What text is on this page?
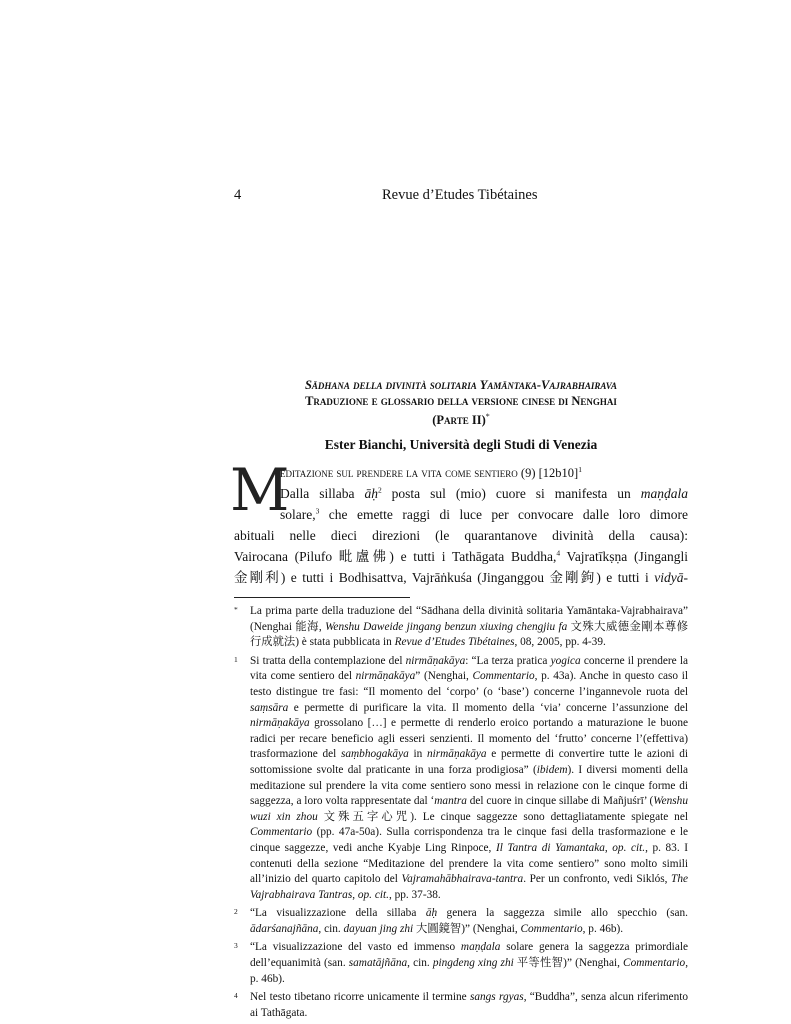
4	Revue d’Etudes Tibétaines
Sādhana della divinità solitaria Yamāntaka-Vajrabhairava
Traduzione e glossario della versione cinese di Nenghai
(Parte II)*
Ester Bianchi, Università degli Studi di Venezia
M
editazione sul prendere la vita come sentiero (9) $[12b10]^1$
Dalla sillaba āḥ$^2$ posta sul (mio) cuore si manifesta un maṇḍala
solare,$^3$ che emette raggi di luce per convocare dalle loro dimore
abituali nelle dieci direzioni (le quarantanove divinità della causa):
Vairocana (Pilufo 毗盧佛) e tutti i Tathāgata Buddha,$^4$ Vajratīkṣṇa (Jingangli
金剛利) e tutti i Bodhisattva, Vajrāṅkuśa (Jinganggou 金剛鉤) e tutti i vidyā-

* La prima parte della traduzione del “Sādhana della divinità solitaria Yamāntaka-Vajrabhairava” (Nenghai 能海, Wenshu Daweide jingang benzun xiuxing chengjiu fa 文殊大威德金剛本尊修行成就法) è stata pubblicata in Revue d’Etudes Tibétaines, 08, 2005, pp. 4-39.

1 Si tratta della contemplazione del nirmāṇakāya: “La terza pratica yogica concerne il prendere la vita come sentiero del nirmāṇakāya” (Nenghai, Commentario, p. 43a). Anche in questo caso il testo distingue tre fasi: “Il momento del ‘corpo’ (o ‘base’) concerne l’ingannevole ruota del saṃsāra e permette di purificare la vita. Il momento della ‘via’ concerne l’assunzione del nirmāṇakāya grossolano […] e permette di renderlo eroico portando a maturazione le buone radici per recare beneficio agli esseri senzienti. Il momento del ‘frutto’ concerne l’(effettiva) trasformazione del saṃbhogakāya in nirmāṇakāya e permette di convertire tutte le azioni di sottomissione svolte dal praticante in una forza prodigiosa” (ibidem). I diversi momenti della meditazione sul prendere la vita come sentiero sono messi in relazione con le cinque forme di saggezza, a loro volta rappresentate dal ‘mantra del cuore in cinque sillabe di Mañjuśrī’ (Wenshu wuzi xin zhou 文殊五字心咒). Le cinque saggezze sono dettagliatamente spiegate nel Commentario (pp. 47a-50a). Sulla corrispondenza tra le cinque fasi della trasformazione e le cinque saggezze, vedi anche Kyabje Ling Rinpoce, Il Tantra di Yamantaka, op. cit., p. 83. I contenuti della sezione “Meditazione del prendere la vita come sentiero” sono molto simili all’inizio del quarto capitolo del Vajramahābhairava-tantra. Per un confronto, vedi Siklós, The Vajrabhairava Tantras, op. cit., pp. 37-38.

2 “La visualizzazione della sillaba āḥ genera la saggezza simile allo specchio (san. ādarśanajñāna, cin. dayuan jing zhi 大圓鏡智)” (Nenghai, Commentario, p. 46b).

3 “La visualizzazione del vasto ed immenso maṇḍala solare genera la saggezza primordiale dell’equanimità (san. samatājñāna, cin. pingdeng xing zhi 平等性智)” (Nenghai, Commentario, p. 46b).

4 Nel testo tibetano ricorre unicamente il termine sangs rgyas, “Buddha”, senza alcun riferimento ai Tathāgata.
